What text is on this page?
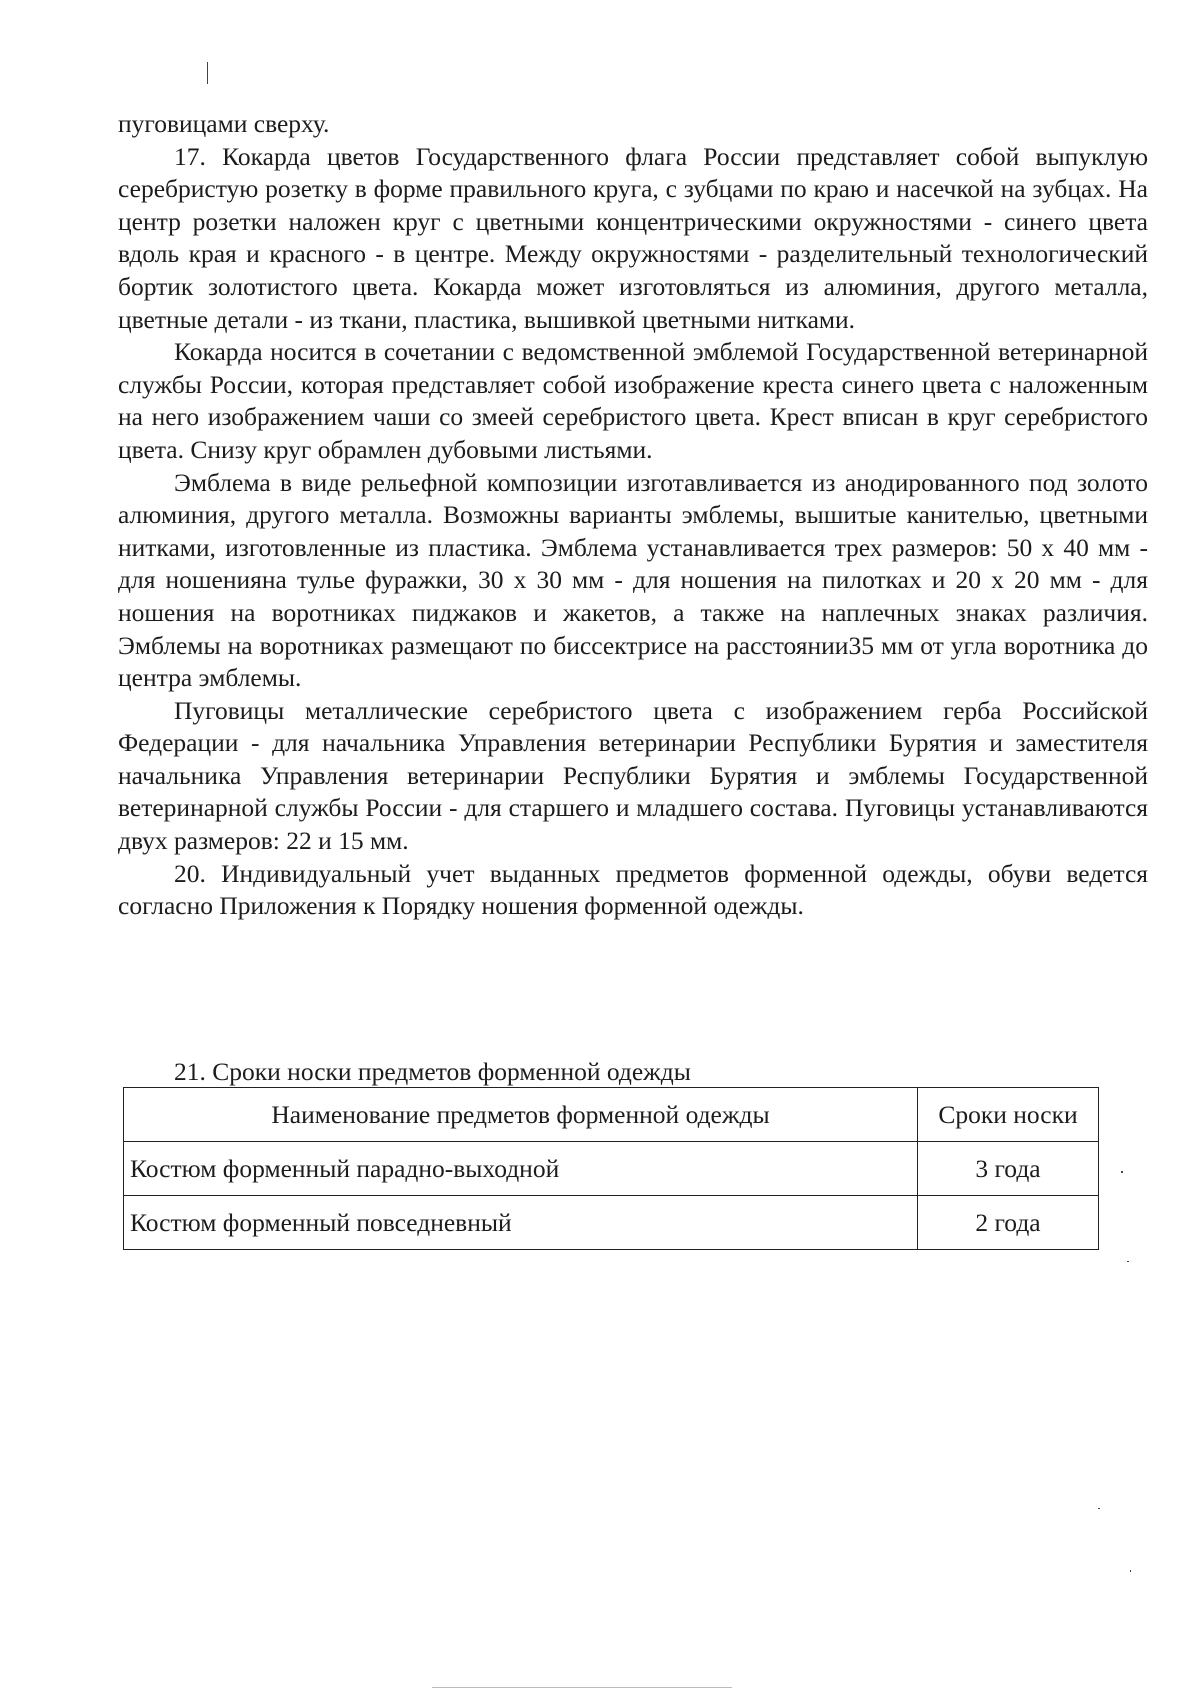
пуговицами сверху.

17. Кокарда цветов Государственного флага России представляет собой выпуклую серебристую розетку в форме правильного круга, с зубцами по краю и насечкой на зубцах. На центр розетки наложен круг с цветными концентрическими окружностями - синего цвета вдоль края и красного - в центре. Между окружностями - разделительный технологический бортик золотистого цвета. Кокарда может изготовляться из алюминия, другого металла, цветные детали - из ткани, пластика, вышивкой цветными нитками.

Кокарда носится в сочетании с ведомственной эмблемой Государственной ветеринарной службы России, которая представляет собой изображение креста синего цвета с наложенным на него изображением чаши со змеей серебристого цвета. Крест вписан в круг серебристого цвета. Снизу круг обрамлен дубовыми листьями.

Эмблема в виде рельефной композиции изготавливается из анодированного под золото алюминия, другого металла. Возможны варианты эмблемы, вышитые канителью, цветными нитками, изготовленные из пластика. Эмблема устанавливается трех размеров: 50 х 40 мм - для ношенияна тулье фуражки, 30 х 30 мм - для ношения на пилотках и 20 х 20 мм - для ношения на воротниках пиджаков и жакетов, а также на наплечных знаках различия. Эмблемы на воротниках размещают по биссектрисе на расстоянии35 мм от угла воротника до центра эмблемы.

Пуговицы металлические серебристого цвета с изображением герба Российской Федерации - для начальника Управления ветеринарии Республики Бурятия и заместителя начальника Управления ветеринарии Республики Бурятия и эмблемы Государственной ветеринарной службы России - для старшего и младшего состава. Пуговицы устанавливаются двух размеров: 22 и 15 мм.

20. Индивидуальный учет выданных предметов форменной одежды, обуви ведется согласно Приложения к Порядку ношения форменной одежды.

21. Сроки носки предметов форменной одежды
Наименование предметов форменной одежды	Сроки носки
Костюм форменный парадно-выходной	3 года
Костюм форменный повседневный	2 года
